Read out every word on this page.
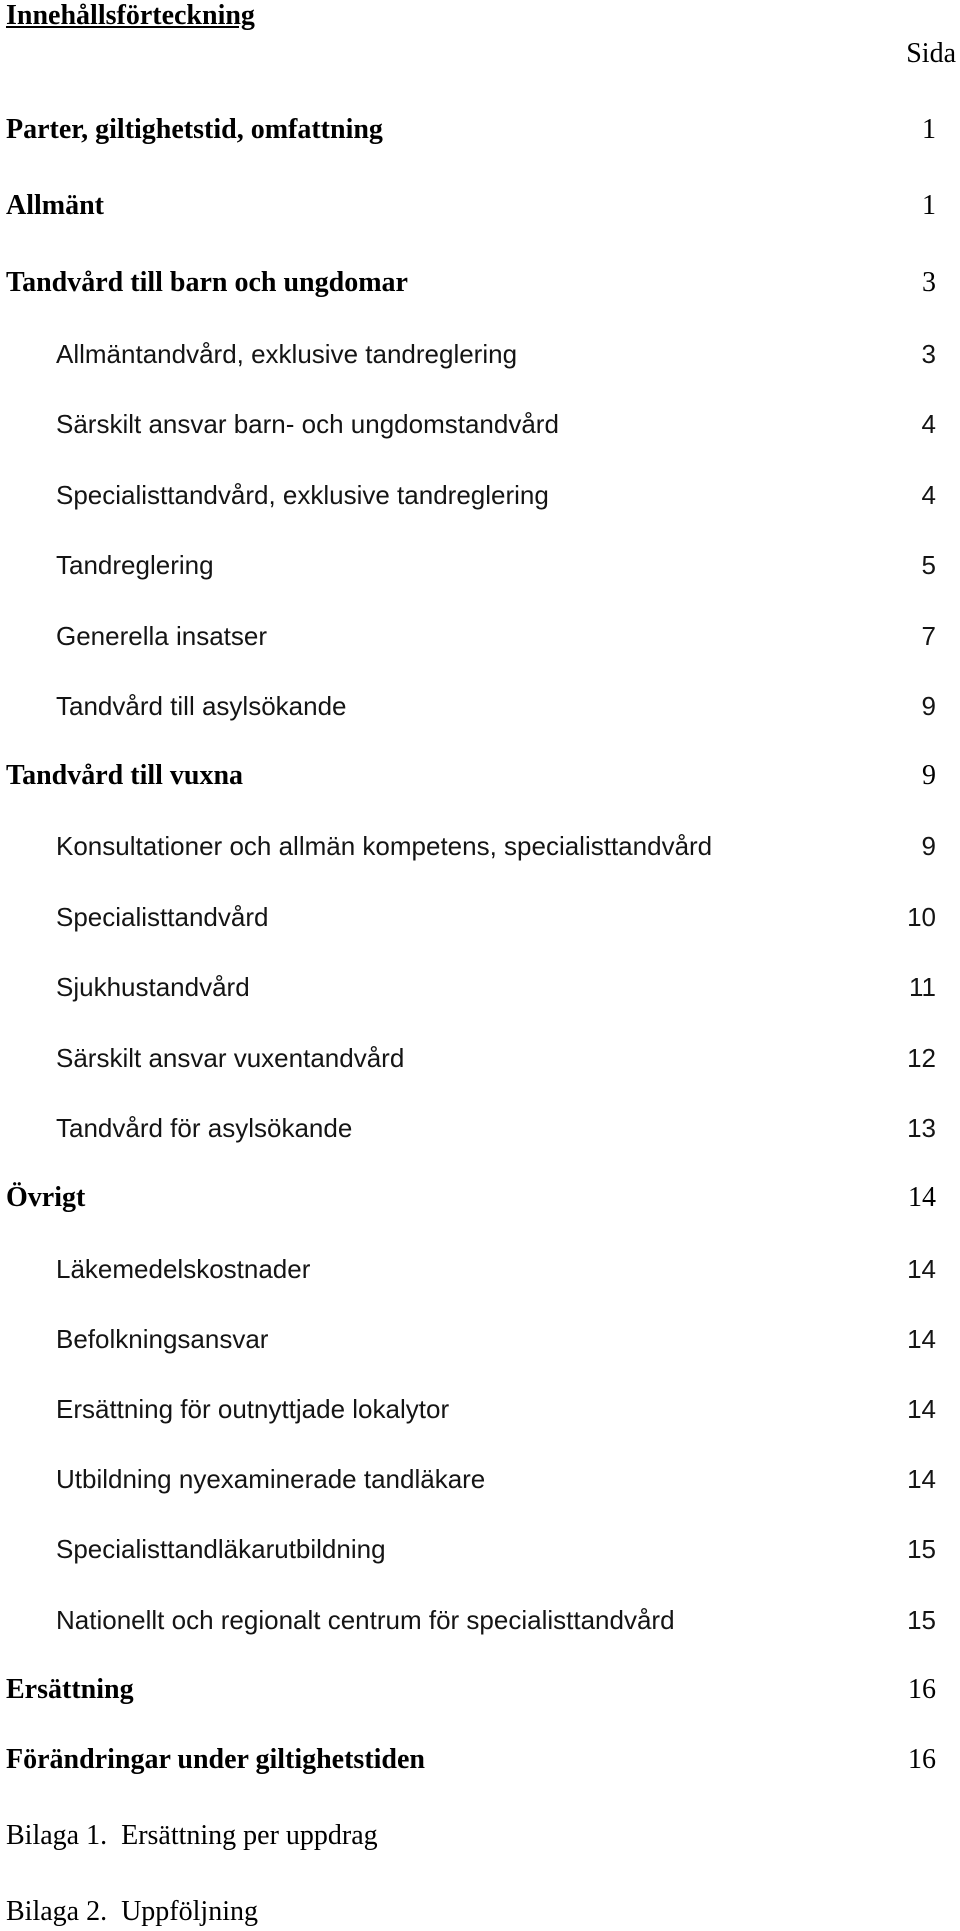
Innehållsförteckning
Sida
Parter, giltighetstid, omfattning	1
Allmänt	1
Tandvård till barn och ungdomar	3
Allmäntandvård, exklusive tandreglering	3
Särskilt ansvar barn- och ungdomstandvård	4
Specialisttandvård, exklusive tandreglering	4
Tandreglering	5
Generella insatser	7
Tandvård till asylsökande	9
Tandvård till vuxna	9
Konsultationer och allmän kompetens, specialisttandvård	9
Specialisttandvård	10
Sjukhustandvård	11
Särskilt ansvar vuxentandvård	12
Tandvård för asylsökande	13
Övrigt	14
Läkemedelskostnader	14
Befolkningsansvar	14
Ersättning för outnyttjade lokalytor	14
Utbildning nyexaminerade tandläkare	14
Specialisttandläkarutbildning	15
Nationellt och regionalt centrum för specialisttandvård	15
Ersättning	16
Förändringar under giltighetstiden	16
Bilaga 1.  Ersättning per uppdrag
Bilaga 2.  Uppföljning
